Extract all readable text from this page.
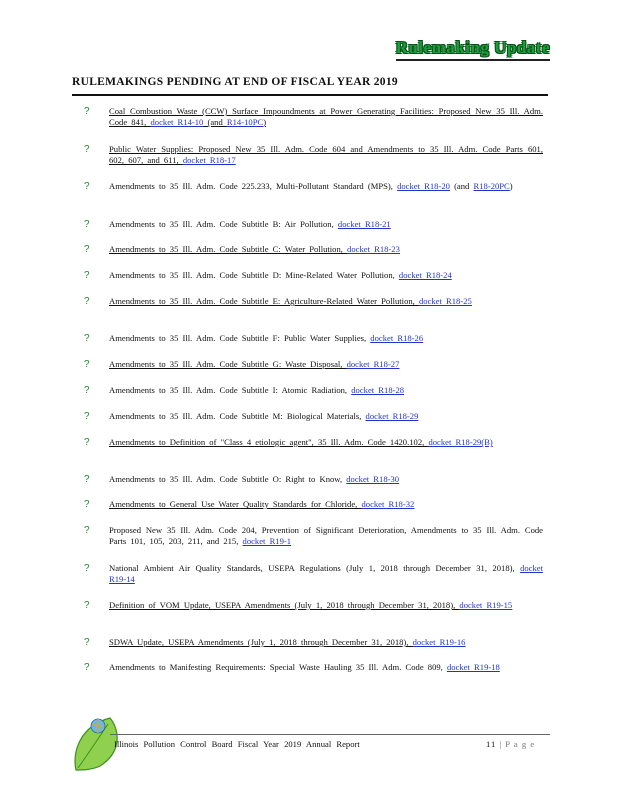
Rulemaking Update
RULEMAKINGS PENDING AT END OF FISCAL YEAR 2019
? Coal Combustion Waste (CCW) Surface Impoundments at Power Generating Facilities: Proposed New 35 Ill. Adm. Code 841, docket R14-10 (and R14-10PC)
? Public Water Supplies: Proposed New 35 Ill. Adm. Code 604 and Amendments to 35 Ill. Adm. Code Parts 601, 602, 607, and 611, docket R18-17
? Amendments to 35 Ill. Adm. Code 225.233, Multi-Pollutant Standard (MPS), docket R18-20 (and R18-20PC)
? Amendments to 35 Ill. Adm. Code Subtitle B: Air Pollution, docket R18-21
? Amendments to 35 Ill. Adm. Code Subtitle C: Water Pollution, docket R18-23
? Amendments to 35 Ill. Adm. Code Subtitle D: Mine-Related Water Pollution, docket R18-24
? Amendments to 35 Ill. Adm. Code Subtitle E: Agriculture-Related Water Pollution, docket R18-25
? Amendments to 35 Ill. Adm. Code Subtitle F: Public Water Supplies, docket R18-26
? Amendments to 35 Ill. Adm. Code Subtitle G: Waste Disposal, docket R18-27
? Amendments to 35 Ill. Adm. Code Subtitle I: Atomic Radiation, docket R18-28
? Amendments to 35 Ill. Adm. Code Subtitle M: Biological Materials, docket R18-29
? Amendments to Definition of "Class 4 etiologic agent", 35 Ill. Adm. Code 1420.102, docket R18-29(B)
? Amendments to 35 Ill. Adm. Code Subtitle O: Right to Know, docket R18-30
? Amendments to General Use Water Quality Standards for Chloride, docket R18-32
? Proposed New 35 Ill. Adm. Code 204, Prevention of Significant Deterioration, Amendments to 35 Ill. Adm. Code Parts 101, 105, 203, 211, and 215, docket R19-1
? National Ambient Air Quality Standards, USEPA Regulations (July 1, 2018 through December 31, 2018), docket R19-14
? Definition of VOM Update, USEPA Amendments (July 1, 2018 through December 31, 2018), docket R19-15
? SDWA Update, USEPA Amendments (July 1, 2018 through December 31, 2018), docket R19-16
? Amendments to Manifesting Requirements: Special Waste Hauling 35 Ill. Adm. Code 809, docket R19-18
Illinois Pollution Control Board Fiscal Year 2019 Annual Report	11 | P a g e
